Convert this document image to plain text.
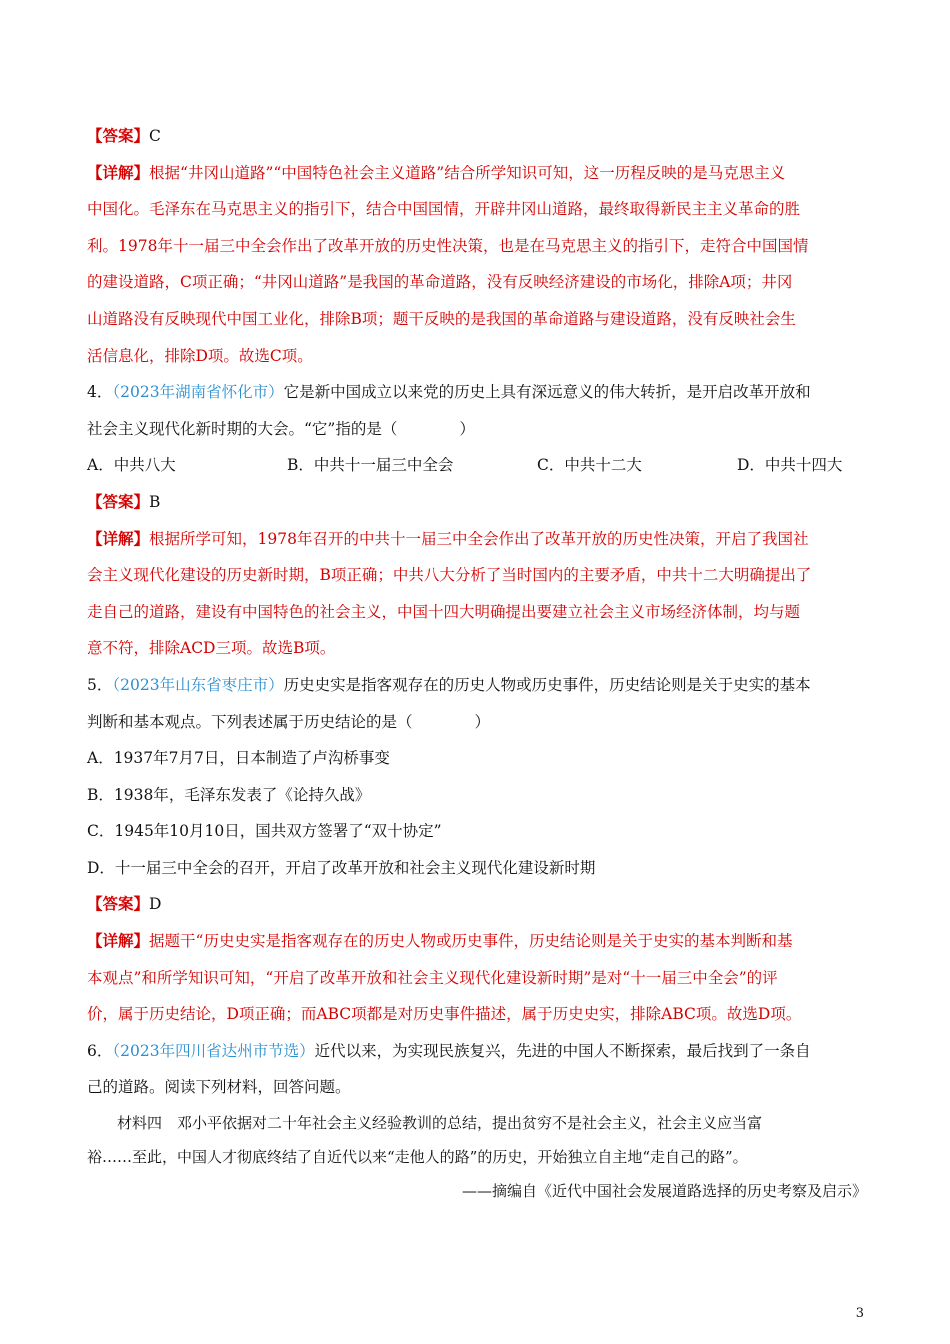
【答案】C
【详解】根据“井冈山道路”“中国特色社会主义道路”结合所学知识可知，这一历程反映的是马克思主义
中国化。毛泽东在马克思主义的指引下，结合中国国情，开辟井冈山道路，最终取得新民主主义革命的胜
利。1978年十一届三中全会作出了改革开放的历史性决策，也是在马克思主义的指引下，走符合中国国情
的建设道路，C项正确；“井冈山道路”是我国的革命道路，没有反映经济建设的市场化，排除A项；井冈
山道路没有反映现代中国工业化，排除B项；题干反映的是我国的革命道路与建设道路，没有反映社会生
活信息化，排除D项。故选C项。
4．（2023年湖南省怀化市）它是新中国成立以来党的历史上具有深远意义的伟大转折，是开启改革开放和
社会主义现代化新时期的大会。“它”指的是（　　　　）
A．中共八大	B．中共十一届三中全会	C．中共十二大	D．中共十四大
【答案】B
【详解】根据所学可知，1978年召开的中共十一届三中全会作出了改革开放的历史性决策，开启了我国社
会主义现代化建设的历史新时期，B项正确；中共八大分析了当时国内的主要矛盾，中共十二大明确提出了
走自己的道路，建设有中国特色的社会主义，中国十四大明确提出要建立社会主义市场经济体制，均与题
意不符，排除ACD三项。故选B项。
5．（2023年山东省枣庄市）历史史实是指客观存在的历史人物或历史事件，历史结论则是关于史实的基本
判断和基本观点。下列表述属于历史结论的是（　　　　）
A．1937年7月7日，日本制造了卢沟桥事变
B．1938年，毛泽东发表了《论持久战》
C．1945年10月10日，国共双方签署了“双十协定”
D．十一届三中全会的召开，开启了改革开放和社会主义现代化建设新时期
【答案】D
【详解】据题干“历史史实是指客观存在的历史人物或历史事件，历史结论则是关于史实的基本判断和基
本观点”和所学知识可知，“开启了改革开放和社会主义现代化建设新时期”是对“十一届三中全会”的评
价，属于历史结论，D项正确；而ABC项都是对历史事件描述，属于历史史实，排除ABC项。故选D项。
6．（2023年四川省达州市节选）近代以来，为实现民族复兴，先进的中国人不断探索，最后找到了一条自
己的道路。阅读下列材料，回答问题。
材料四　邓小平依据对二十年社会主义经验教训的总结，提出贫穷不是社会主义，社会主义应当富
裕……至此，中国人才彻底终结了自近代以来“走他人的路”的历史，开始独立自主地“走自己的路”。
——摘编自《近代中国社会发展道路选择的历史考察及启示》
3
